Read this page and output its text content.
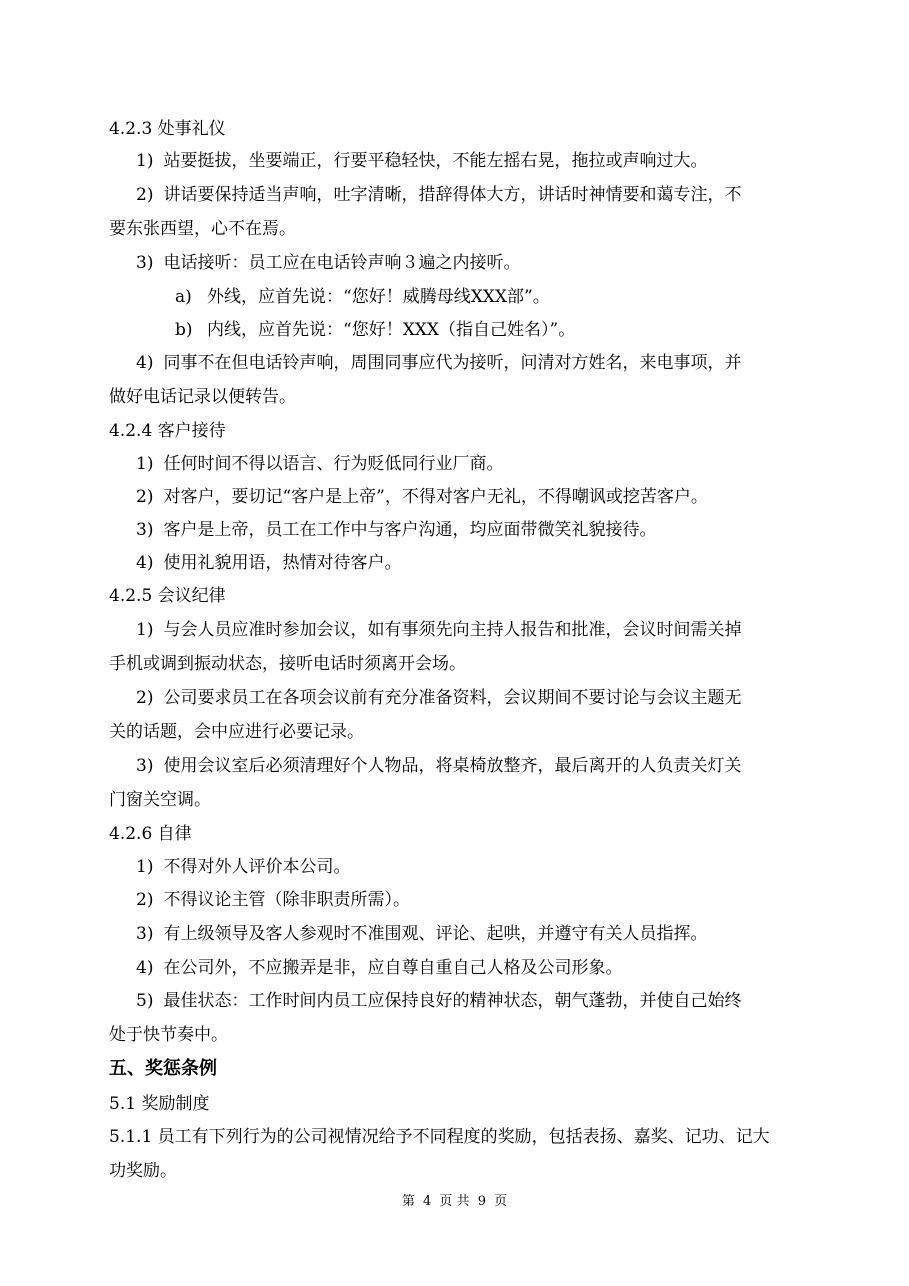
4.2.3 处事礼仪
1) 站要挺拔，坐要端正，行要平稳轻快，不能左摇右晃，拖拉或声响过大。
2) 讲话要保持适当声响，吐字清晰，措辞得体大方，讲话时神情要和蔼专注，不
要东张西望，心不在焉。
3) 电话接听：员工应在电话铃声响３遍之内接听。
a) 外线，应首先说：“您好！威腾母线XXX部”。
b) 内线，应首先说：“您好！XXX（指自己姓名）”。
4) 同事不在但电话铃声响，周围同事应代为接听，问清对方姓名，来电事项，并
做好电话记录以便转告。
4.2.4 客户接待
1) 任何时间不得以语言、行为贬低同行业厂商。
2) 对客户，要切记“客户是上帝”，不得对客户无礼，不得嘲讽或挖苦客户。
3) 客户是上帝，员工在工作中与客户沟通，均应面带微笑礼貌接待。
4) 使用礼貌用语，热情对待客户。
4.2.5 会议纪律
1) 与会人员应准时参加会议，如有事须先向主持人报告和批准，会议时间需关掉
手机或调到振动状态，接听电话时须离开会场。
2) 公司要求员工在各项会议前有充分准备资料，会议期间不要讨论与会议主题无
关的话题，会中应进行必要记录。
3) 使用会议室后必须清理好个人物品，将桌椅放整齐，最后离开的人负责关灯关
门窗关空调。
4.2.6 自律
1) 不得对外人评价本公司。
2) 不得议论主管（除非职责所需）。
3) 有上级领导及客人参观时不准围观、评论、起哄，并遵守有关人员指挥。
4) 在公司外，不应搬弄是非，应自尊自重自己人格及公司形象。
5) 最佳状态：工作时间内员工应保持良好的精神状态，朝气蓬勃，并使自己始终
处于快节奏中。
五、奖惩条例
5.1 奖励制度
5.1.1 员工有下列行为的公司视情况给予不同程度的奖励，包括表扬、嘉奖、记功、记大
功奖励。
第 4 页 共 9 页
